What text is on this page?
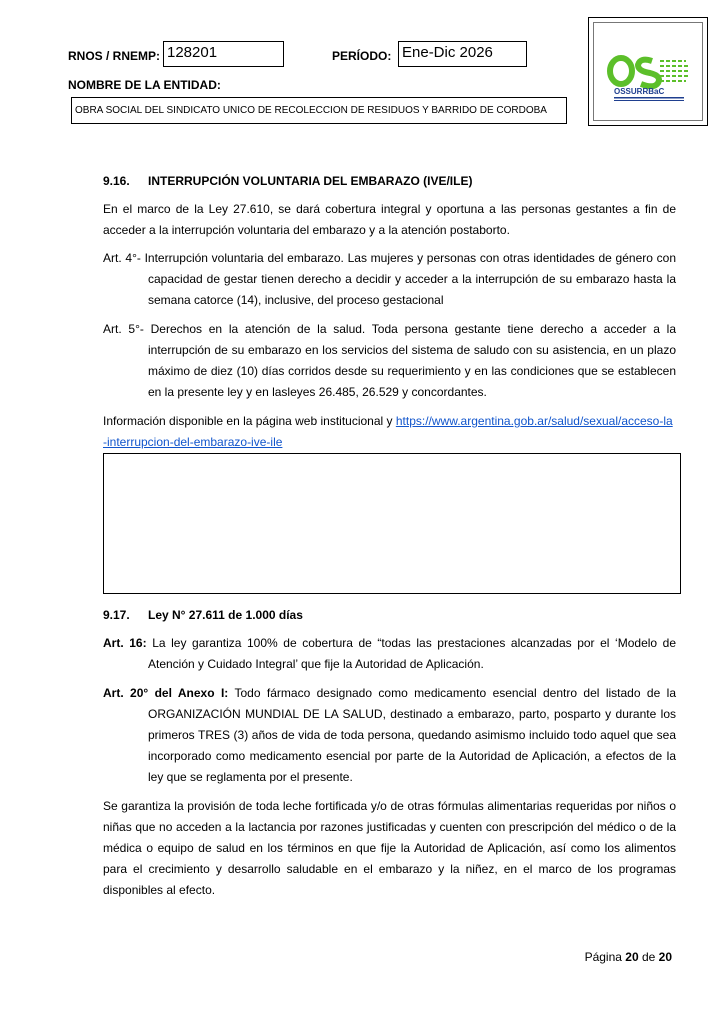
RNOS / RNEMP: 128201	PERÍODO: Ene-Dic 2026
NOMBRE DE LA ENTIDAD:
OBRA SOCIAL DEL SINDICATO UNICO DE RECOLECCION DE RESIDUOS Y BARRIDO DE CORDOBA
OSSURRBaC
9.16. INTERRUPCIÓN VOLUNTARIA DEL EMBARAZO (IVE/ILE)

En el marco de la Ley 27.610, se dará cobertura integral y oportuna a las personas gestantes a fin de acceder a la interrupción voluntaria del embarazo y a la atención postaborto.

Art. 4°- Interrupción voluntaria del embarazo. Las mujeres y personas con otras identidades de género con capacidad de gestar tienen derecho a decidir y acceder a la interrupción de su embarazo hasta la semana catorce (14), inclusive, del proceso gestacional

Art. 5°- Derechos en la atención de la salud. Toda persona gestante tiene derecho a acceder a la interrupción de su embarazo en los servicios del sistema de saludo con su asistencia, en un plazo máximo de diez (10) días corridos desde su requerimiento y en las condiciones que se establecen en la presente ley y en lasleyes 26.485, 26.529 y concordantes.

Información disponible en la página web institucional y https://www.argentina.gob.ar/salud/sexual/acceso-la-interrupcion-del-embarazo-ive-ile

9.17. Ley N° 27.611 de 1.000 días

Art. 16: La ley garantiza 100% de cobertura de “todas las prestaciones alcanzadas por el ‘Modelo de Atención y Cuidado Integral’ que fije la Autoridad de Aplicación.

Art. 20° del Anexo I: Todo fármaco designado como medicamento esencial dentro del listado de la ORGANIZACIÓN MUNDIAL DE LA SALUD, destinado a embarazo, parto, posparto y durante los primeros TRES (3) años de vida de toda persona, quedando asimismo incluido todo aquel que sea incorporado como medicamento esencial por parte de la Autoridad de Aplicación, a efectos de la ley que se reglamenta por el presente.

Se garantiza la provisión de toda leche fortificada y/o de otras fórmulas alimentarias requeridas por niños o niñas que no acceden a la lactancia por razones justificadas y cuenten con prescripción del médico o de la médica o equipo de salud en los términos en que fije la Autoridad de Aplicación, así como los alimentos para el crecimiento y desarrollo saludable en el embarazo y la niñez, en el marco de los programas disponibles al efecto.

Página 20 de 20
